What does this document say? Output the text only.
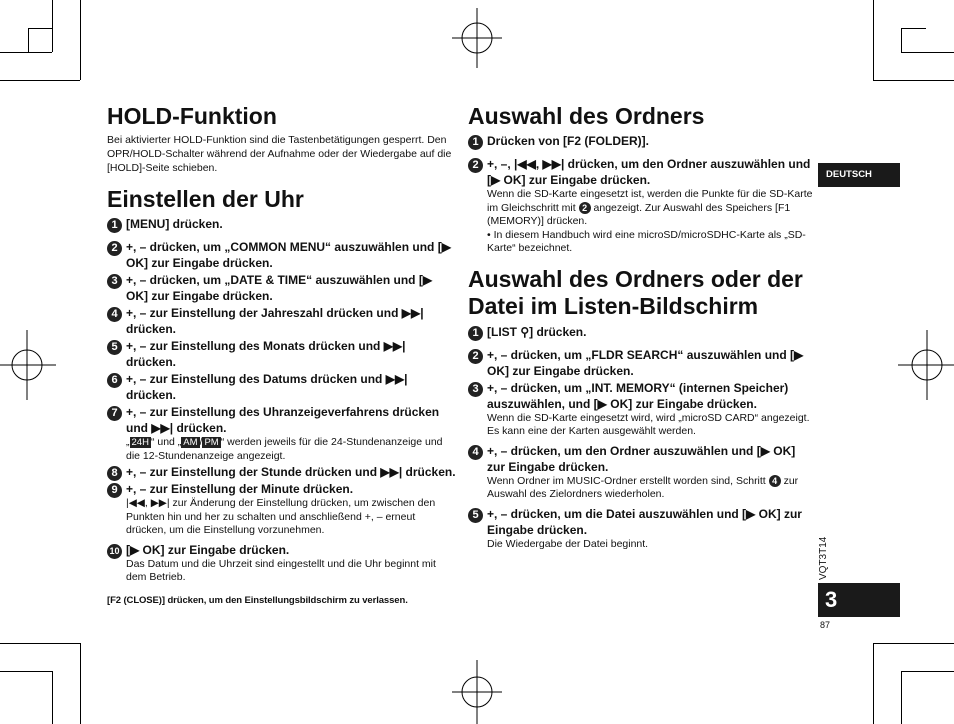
HOLD-Funktion

Bei aktivierter HOLD-Funktion sind die Tastenbetätigungen gesperrt. Den OPR/HOLD-Schalter während der Aufnahme oder der Wiedergabe auf die [HOLD]-Seite schieben.

Einstellen der Uhr
1 [MENU] drücken.
2 +, – drücken, um „COMMON MENU“ auszuwählen und [▶ OK] zur Eingabe drücken.
3 +, – drücken, um „DATE & TIME“ auszuwählen und [▶ OK] zur Eingabe drücken.
4 +, – zur Einstellung der Jahreszahl drücken und ▶▶| drücken.
5 +, – zur Einstellung des Monats drücken und ▶▶| drücken.
6 +, – zur Einstellung des Datums drücken und ▶▶| drücken.
7 +, – zur Einstellung des Uhranzeigeverfahrens drücken und ▶▶| drücken.
„ 24H “ und „ AM / PM “ werden jeweils für die 24-Stundenanzeige und die 12-Stundenanzeige angezeigt.
8 +, – zur Einstellung der Stunde drücken und ▶▶| drücken.
9 +, – zur Einstellung der Minute drücken.
|◀◀, ▶▶| zur Änderung der Einstellung drücken, um zwischen den Punkten hin und her zu schalten und anschließend +, – erneut drücken, um die Einstellung vorzunehmen.
10 [▶ OK] zur Eingabe drücken.
Das Datum und die Uhrzeit sind eingestellt und die Uhr beginnt mit dem Betrieb.

[F2 (CLOSE)] drücken, um den Einstellungsbildschirm zu verlassen.

Auswahl des Ordners
1 Drücken von [F2 (FOLDER)].
2 +, –, |◀◀, ▶▶| drücken, um den Ordner auszuwählen und [▶ OK] zur Eingabe drücken.
Wenn die SD-Karte eingesetzt ist, werden die Punkte für die SD-Karte im Gleichschritt mit 2 angezeigt. Zur Auswahl des Speichers [F1 (MEMORY)] drücken.
• In diesem Handbuch wird eine microSD/microSDHC-Karte als „SD-Karte“ bezeichnet.
Auswahl des Ordners oder der
Datei im Listen-Bildschirm
1 [LIST ⚲] drücken.
2 +, – drücken, um „FLDR SEARCH“ auszuwählen und [▶ OK] zur Eingabe drücken.
3 +, – drücken, um „INT. MEMORY“ (internen Speicher) auszuwählen, und [▶ OK] zur Eingabe drücken.
Wenn die SD-Karte eingesetzt wird, wird „microSD CARD“ angezeigt. Es kann eine der Karten ausgewählt werden.
4 +, – drücken, um den Ordner auszuwählen und [▶ OK] zur Eingabe drücken.
Wenn Ordner im MUSIC-Ordner erstellt worden sind, Schritt 4 zur Auswahl des Zielordners wiederholen.
5 +, – drücken, um die Datei auszuwählen und [▶ OK] zur Eingabe drücken.
Die Wiedergabe der Datei beginnt.
DEUTSCH
VQT3T14
3
87
